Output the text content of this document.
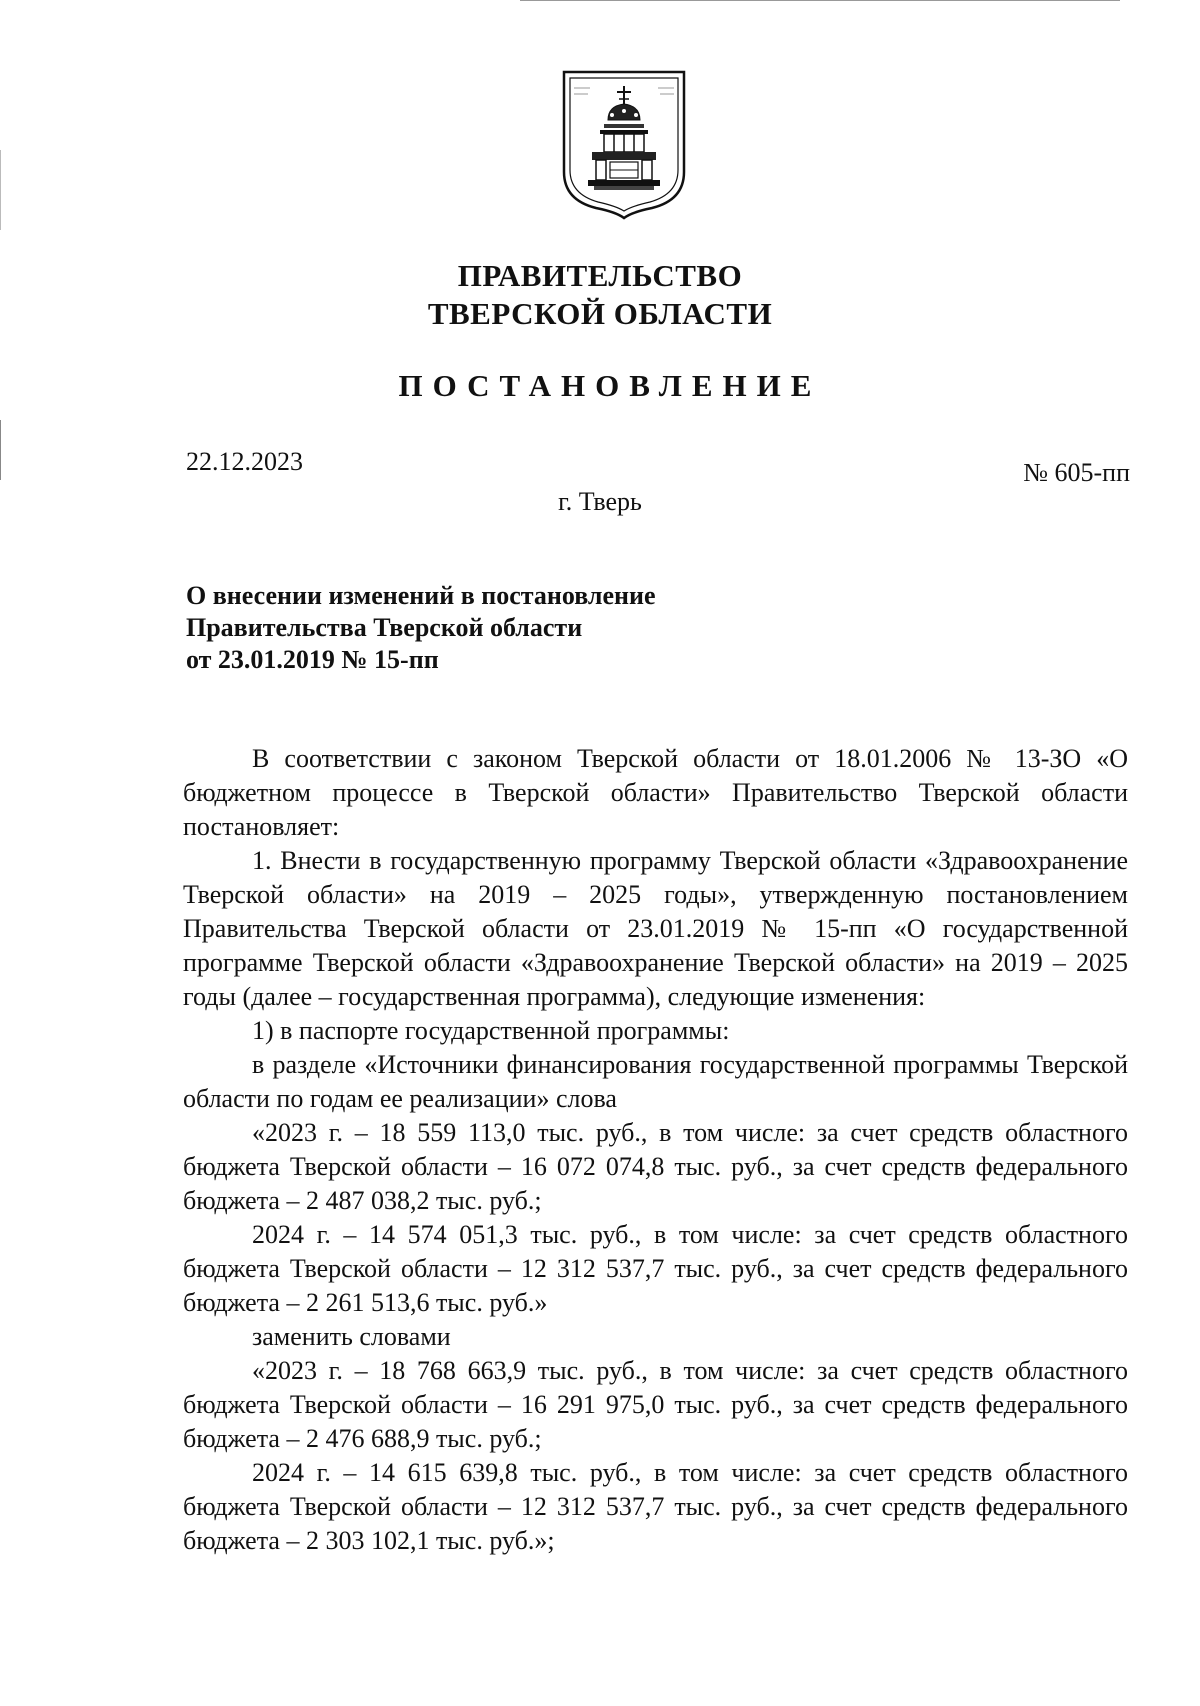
ПРАВИТЕЛЬСТВО
ТВЕРСКОЙ ОБЛАСТИ
ПОСТАНОВЛЕНИЕ
22.12.2023	№ 605-пп
г. Тверь
О внесении изменений в постановление
Правительства Тверской области
от 23.01.2019 № 15-пп

В соответствии с законом Тверской области от 18.01.2006 № 13-ЗО «О бюджетном процессе в Тверской области» Правительство Тверской области постановляет:

1. Внести в государственную программу Тверской области «Здравоохранение Тверской области» на 2019 – 2025 годы», утвержденную постановлением Правительства Тверской области от 23.01.2019 № 15-пп «О государственной программе Тверской области «Здравоохранение Тверской области» на 2019 – 2025 годы (далее – государственная программа), следующие изменения:

1) в паспорте государственной программы:

в разделе «Источники финансирования государственной программы Тверской области по годам ее реализации» слова

«2023 г. – 18 559 113,0 тыс. руб., в том числе: за счет средств областного бюджета Тверской области – 16 072 074,8 тыс. руб., за счет средств федерального бюджета – 2 487 038,2 тыс. руб.;

2024 г. – 14 574 051,3 тыс. руб., в том числе: за счет средств областного бюджета Тверской области – 12 312 537,7 тыс. руб., за счет средств федерального бюджета – 2 261 513,6 тыс. руб.»

заменить словами

«2023 г. – 18 768 663,9 тыс. руб., в том числе: за счет средств областного бюджета Тверской области – 16 291 975,0 тыс. руб., за счет средств федерального бюджета – 2 476 688,9 тыс. руб.;

2024 г. – 14 615 639,8 тыс. руб., в том числе: за счет средств областного бюджета Тверской области – 12 312 537,7 тыс. руб., за счет средств федерального бюджета – 2 303 102,1 тыс. руб.»;
